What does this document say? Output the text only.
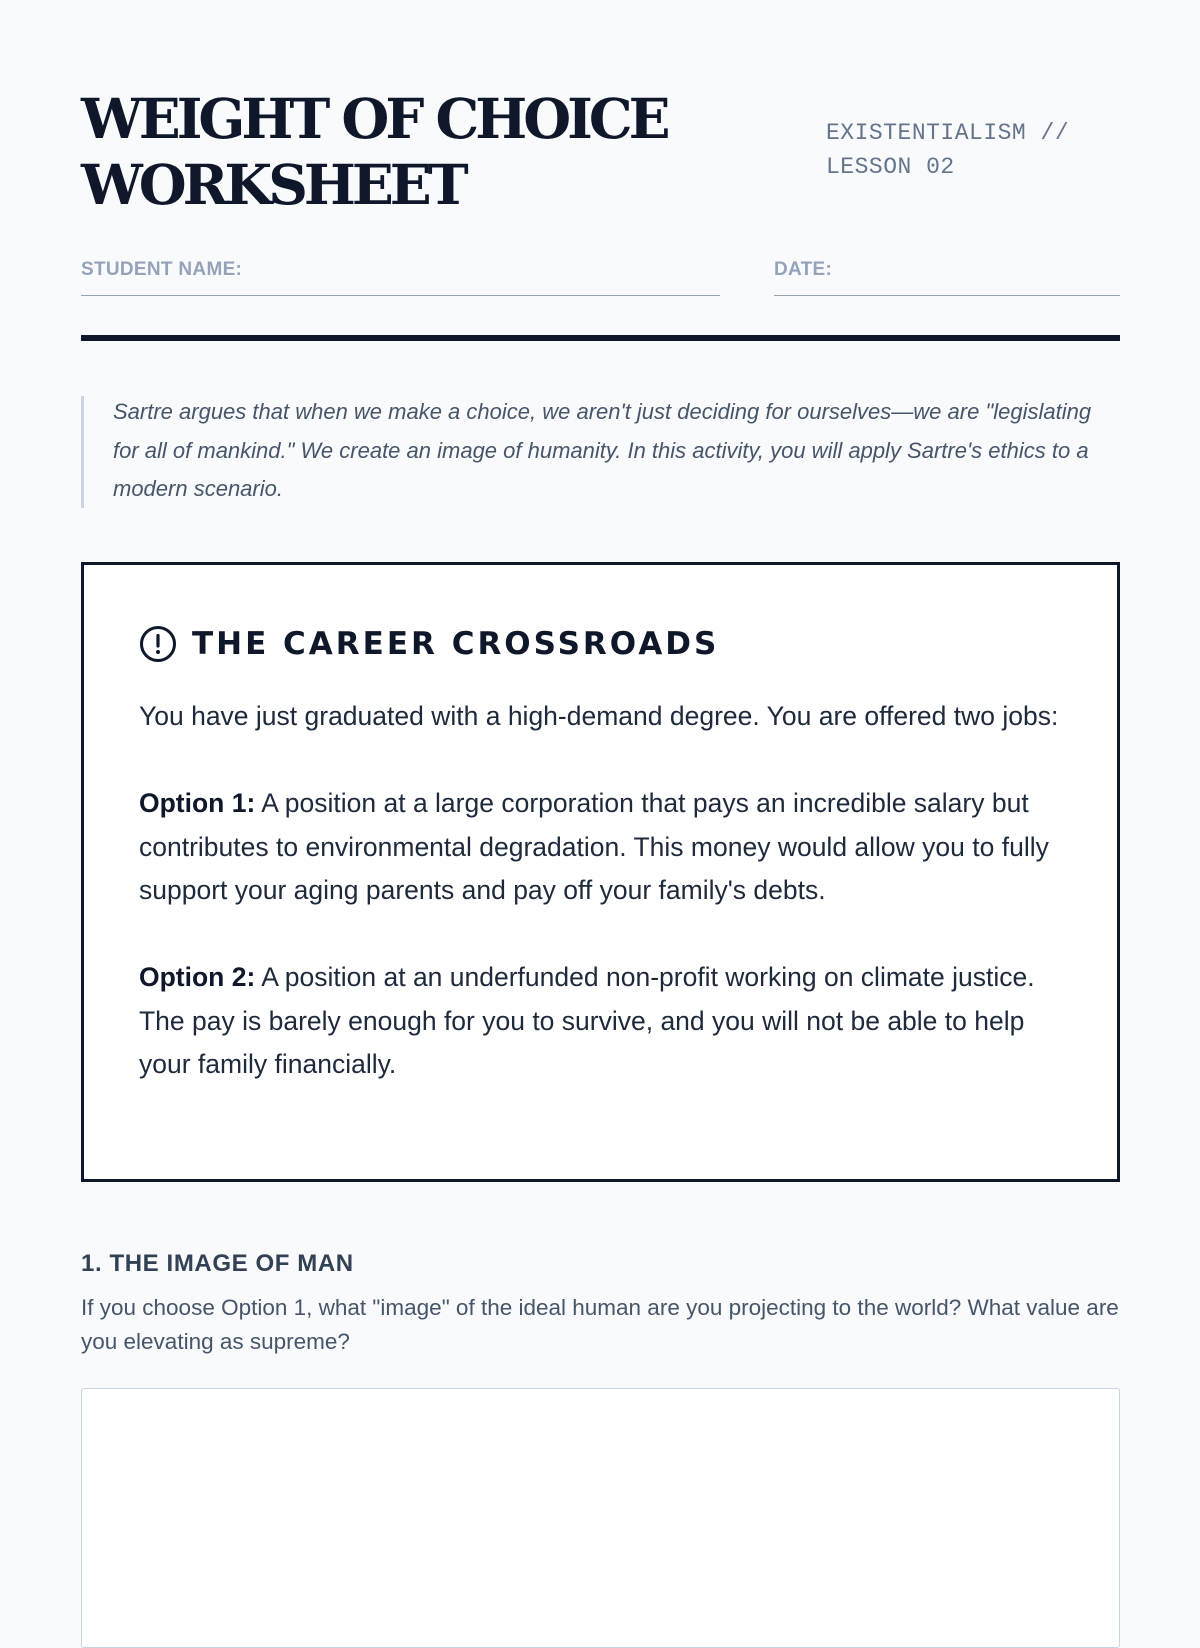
WEIGHT OF CHOICE
WORKSHEET
EXISTENTIALISM //
LESSON 02
STUDENT NAME:	DATE:

Sartre argues that when we make a choice, we aren't just deciding for ourselves—we are "legislating for all of mankind." We create an image of humanity. In this activity, you will apply Sartre's ethics to a modern scenario.

THE CAREER CROSSROADS

You have just graduated with a high-demand degree. You are offered two jobs:

Option 1: A position at a large corporation that pays an incredible salary but contributes to environmental degradation. This money would allow you to fully support your aging parents and pay off your family's debts.

Option 2: A position at an underfunded non-profit working on climate justice. The pay is barely enough for you to survive, and you will not be able to help your family financially.

1. THE IMAGE OF MAN

If you choose Option 1, what "image" of the ideal human are you projecting to the world? What value are you elevating as supreme?
